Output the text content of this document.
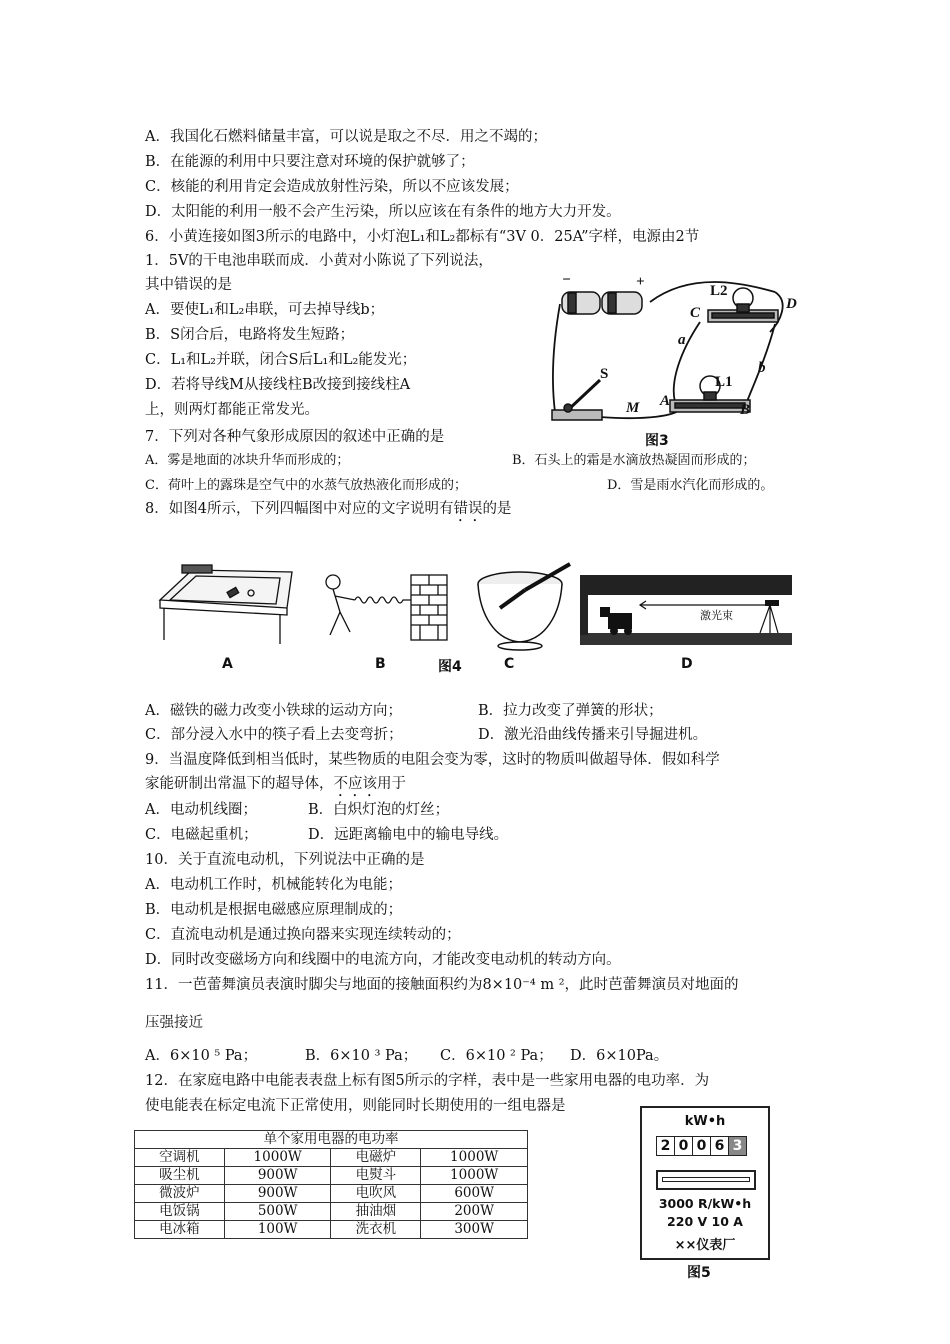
A．我国化石燃料储量丰富，可以说是取之不尽．用之不竭的；
B．在能源的利用中只要注意对环境的保护就够了；
C．核能的利用肯定会造成放射性污染，所以不应该发展；
D．太阳能的利用一般不会产生污染，所以应该在有条件的地方大力开发。
6．小黄连接如图3所示的电路中，小灯泡L₁和L₂都标有“3V 0．25A”字样，电源由2节
1．5V的干电池串联而成．小黄对小陈说了下列说法，
其中错误的是
A．要使L₁和L₂串联，可去掉导线b；
B．S闭合后，电路将发生短路；
C．L₁和L₂并联，闭合S后L₁和L₂能发光；
D．若将导线M从接线柱B改接到接线柱A
上，则两灯都能正常发光。
−	+
L2
C
D
a
b
L1
A
B
S
M
图3
7．下列对各种气象形成原因的叙述中正确的是
A．雾是地面的冰块升华而形成的；	B．石头上的霜是水滴放热凝固而形成的；
C．荷叶上的露珠是空气中的水蒸气放热液化而形成的；	D．雪是雨水汽化而形成的。
8．如图4所示，下列四幅图中对应的文字说明有错误的是
激光束
A	B	图4	C	D
A．磁铁的磁力改变小铁球的运动方向；	B．拉力改变了弹簧的形状；
C．部分浸入水中的筷子看上去变弯折；	D．激光沿曲线传播来引导掘进机。
9．当温度降低到相当低时，某些物质的电阻会变为零，这时的物质叫做超导体．假如科学
家能研制出常温下的超导体，不应该用于
A．电动机线圈；	B．白炽灯泡的灯丝；
C．电磁起重机；	D．远距离输电中的输电导线。
10．关于直流电动机，下列说法中正确的是
A．电动机工作时，机械能转化为电能；
B．电动机是根据电磁感应原理制成的；
C．直流电动机是通过换向器来实现连续转动的；
D．同时改变磁场方向和线圈中的电流方向，才能改变电动机的转动方向。
11．一芭蕾舞演员表演时脚尖与地面的接触面积约为8×10⁻⁴ m ²，此时芭蕾舞演员对地面的
压强接近
A．6×10 ⁵ Pa；	B．6×10 ³ Pa； C．6×10 ² Pa； D．6×10Pa。
12．在家庭电路中电能表表盘上标有图5所示的字样，表中是一些家用电器的电功率．为
使电能表在标定电流下正常使用，则能同时长期使用的一组电器是
单个家用电器的电功率			
空调机	1000W	电磁炉	1000W
吸尘机	900W	电熨斗	1000W
微波炉	900W	电吹风	600W
电饭锅	500W	抽油烟	200W
电冰箱	100W	洗衣机	300W
kW•h
2 0 0 6 3
3000 R/kW•h
220 V 10 A
××仪表厂
图5
